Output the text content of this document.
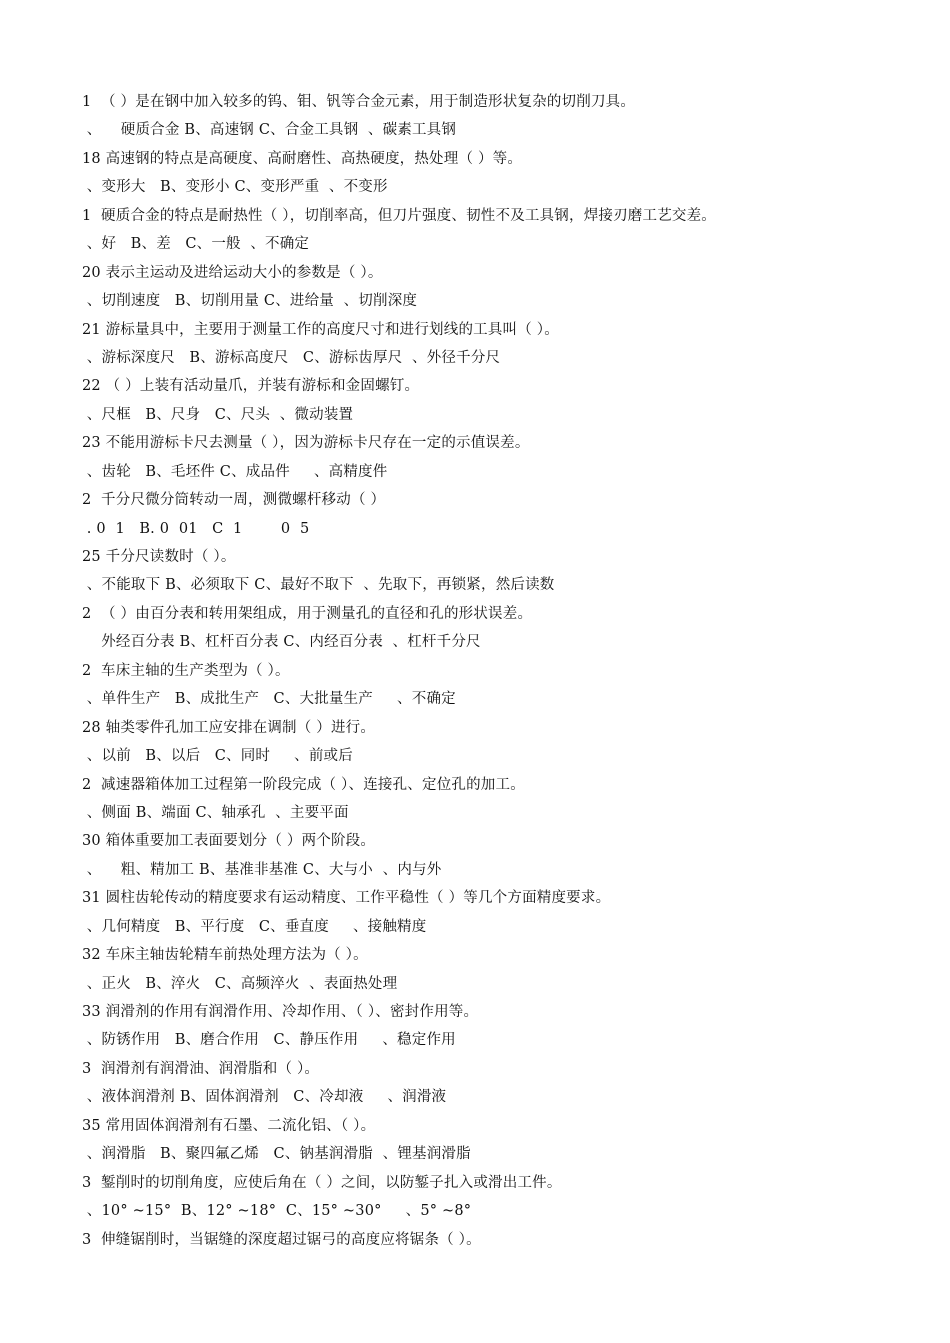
1  （ ）是在钢中加入较多的钨、钼、钒等合金元素，用于制造形状复杂的切削刀具。
、    硬质合金 B、高速钢 C、合金工具钢  、碳素工具钢
18 高速钢的特点是高硬度、高耐磨性、高热硬度，热处理（ ）等。
、变形大   B、变形小 C、变形严重  、不变形
1  硬质合金的特点是耐热性（ ），切削率高，但刀片强度、韧性不及工具钢，焊接刃磨工艺交差。
、好   B、差   C、一般  、不确定
20 表示主运动及进给运动大小的参数是（ ）。
、切削速度   B、切削用量 C、进给量  、切削深度
21 游标量具中，主要用于测量工作的高度尺寸和进行划线的工具叫（ ）。
、游标深度尺   B、游标高度尺   C、游标齿厚尺  、外径千分尺
22 （ ）上装有活动量爪，并装有游标和金固螺钉。
、尺框   B、尺身   C、尺头  、微动装置
23 不能用游标卡尺去测量（ ），因为游标卡尺存在一定的示值误差。
、齿轮   B、毛坯件 C、成品件     、高精度件
2  千分尺微分筒转动一周，测微螺杆移动（ ）
. 0  1   B. 0  01   C  1        0  5
25 千分尺读数时（ ）。
、不能取下 B、必须取下 C、最好不取下  、先取下，再锁紧，然后读数
2  （ ）由百分表和转用架组成，用于测量孔的直径和孔的形状误差。
外经百分表 B、杠杆百分表 C、内经百分表  、杠杆千分尺
2  车床主轴的生产类型为（ ）。
、单件生产   B、成批生产   C、大批量生产     、不确定
28 轴类零件孔加工应安排在调制（ ）进行。
、以前   B、以后   C、同时     、前或后
2  减速器箱体加工过程第一阶段完成（ ）、连接孔、定位孔的加工。
、侧面 B、端面 C、轴承孔  、主要平面
30 箱体重要加工表面要划分（ ）两个阶段。
、    粗、精加工 B、基准非基准 C、大与小  、内与外
31 圆柱齿轮传动的精度要求有运动精度、工作平稳性（ ）等几个方面精度要求。
、几何精度   B、平行度   C、垂直度     、接触精度
32 车床主轴齿轮精车前热处理方法为（ ）。
、正火   B、淬火   C、高频淬火  、表面热处理
33 润滑剂的作用有润滑作用、冷却作用、（ ）、密封作用等。
、防锈作用   B、磨合作用   C、静压作用     、稳定作用
3  润滑剂有润滑油、润滑脂和（ ）。
、液体润滑剂 B、固体润滑剂   C、冷却液     、润滑液
35 常用固体润滑剂有石墨、二流化铝、（ ）。
、润滑脂   B、聚四氟乙烯   C、钠基润滑脂  、锂基润滑脂
3  錾削时的切削角度，应使后角在（ ）之间，以防錾子扎入或滑出工件。
、10° ~15°  B、12° ~18°  C、15° ~30°     、5° ~8°
3  伸缝锯削时，当锯缝的深度超过锯弓的高度应将锯条（ ）。
